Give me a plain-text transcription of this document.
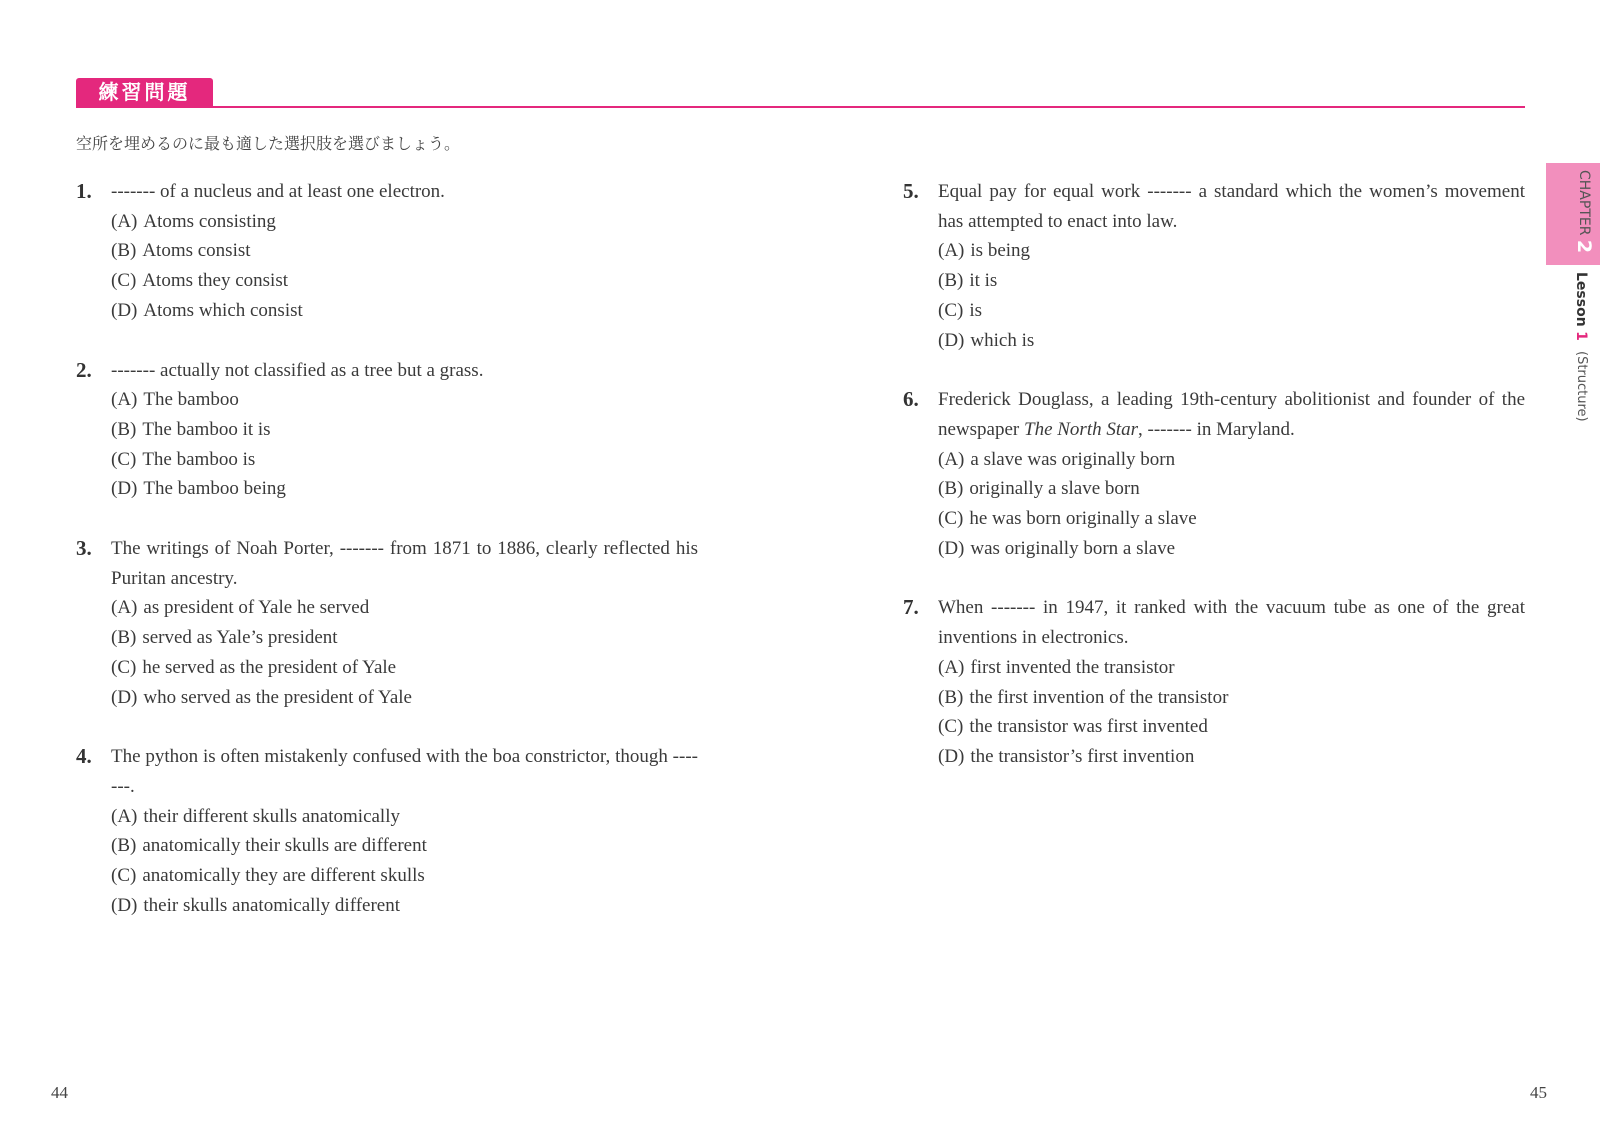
練習問題
空所を埋めるのに最も適した選択肢を選びましょう。
1.	------- of a nucleus and at least one electron.
(A) Atoms consisting
(B) Atoms consist
(C) Atoms they consist
(D) Atoms which consist
2.	------- actually not classified as a tree but a grass.
(A) The bamboo
(B) The bamboo it is
(C) The bamboo is
(D) The bamboo being
3.	The writings of Noah Porter, ------- from 1871 to 1886, clearly reflected his Puritan ancestry.
(A) as president of Yale he served
(B) served as Yale’s president
(C) he served as the president of Yale
(D) who served as the president of Yale
4.	The python is often mistakenly confused with the boa constrictor, though -------.
(A) their different skulls anatomically
(B) anatomically their skulls are different
(C) anatomically they are different skulls
(D) their skulls anatomically different
5.	Equal pay for equal work ------- a standard which the women’s movement has attempted to enact into law.
(A) is being
(B) it is
(C) is
(D) which is
6.	Frederick Douglass, a leading 19th-century abolitionist and founder of the newspaper The North Star, ------- in Maryland.
(A) a slave was originally born
(B) originally a slave born
(C) he was born originally a slave
(D) was originally born a slave
7.	When ------- in 1947, it ranked with the vacuum tube as one of the great inventions in electronics.
(A) first invented the transistor
(B) the first invention of the transistor
(C) the transistor was first invented
(D) the transistor’s first invention
CHAPTER 2
Lesson 1 (Structure)
44	45
